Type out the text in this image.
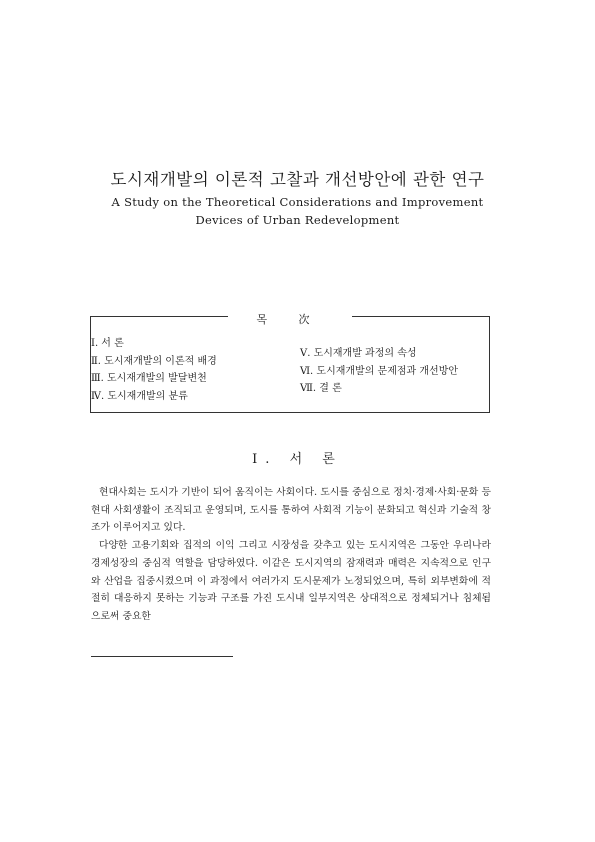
도시재개발의 이론적 고찰과 개선방안에 관한 연구
A Study on the Theoretical Considerations and Improvement
Devices of Urban Redevelopment
목 次
Ⅰ. 서 론
Ⅱ. 도시재개발의 이론적 배경
Ⅲ. 도시재개발의 발달변천
Ⅳ. 도시재개발의 분류
Ⅴ. 도시재개발 과정의 속성
Ⅵ. 도시재개발의 문제점과 개선방안
Ⅶ. 결 론
Ⅰ. 서 론

현대사회는 도시가 기반이 되어 움직이는 사회이다. 도시를 중심으로 정치·경제·사회·문화 등 현대 사회생활이 조직되고 운영되며, 도시를 통하여 사회적 기능이 분화되고 혁신과 기술적 창조가 이루어지고 있다.

다양한 고용기회와 집적의 이익 그리고 시장성을 갖추고 있는 도시지역은 그동안 우리나라 경제성장의 중심적 역할을 담당하였다. 이같은 도시지역의 잠재력과 매력은 지속적으로 인구와 산업을 집중시켰으며 이 과정에서 여러가지 도시문제가 노정되었으며, 특히 외부변화에 적절히 대응하지 못하는 기능과 구조를 가진 도시내 일부지역은 상대적으로 정체되거나 침체됨으로써 중요한
